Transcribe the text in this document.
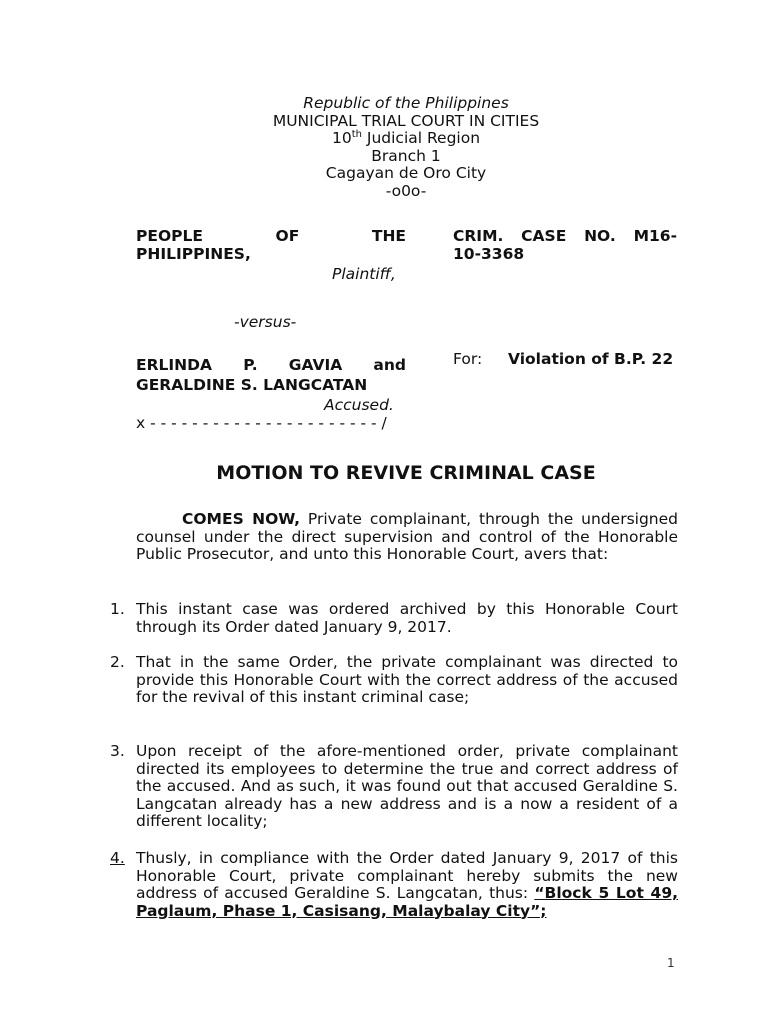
Republic of the Philippines
MUNICIPAL TRIAL COURT IN CITIES
10th Judicial Region
Branch 1
Cagayan de Oro City
-o0o-
PEOPLE OF THE
PHILIPPINES,
Plaintiff,
-versus-
ERLINDA P. GAVIA and
GERALDINE S. LANGCATAN
Accused.
x - - - - - - - - - - - - - - - - - - - - - - /
CRIM. CASE NO. M16-
10-3368
For:	Violation of B.P. 22
MOTION TO REVIVE CRIMINAL CASE
COMES NOW, Private complainant, through the undersigned counsel under the direct supervision and control of the Honorable Public Prosecutor, and unto this Honorable Court, avers that:
1. This instant case was ordered archived by this Honorable Court through its Order dated January 9, 2017.
2. That in the same Order, the private complainant was directed to provide this Honorable Court with the correct address of the accused for the revival of this instant criminal case;
3. Upon receipt of the afore-mentioned order, private complainant directed its employees to determine the true and correct address of the accused. And as such, it was found out that accused Geraldine S. Langcatan already has a new address and is a now a resident of a different locality;
4. Thusly, in compliance with the Order dated January 9, 2017 of this Honorable Court, private complainant hereby submits the new address of accused Geraldine S. Langcatan, thus: “Block 5 Lot 49, Paglaum, Phase 1, Casisang, Malaybalay City”;
1
